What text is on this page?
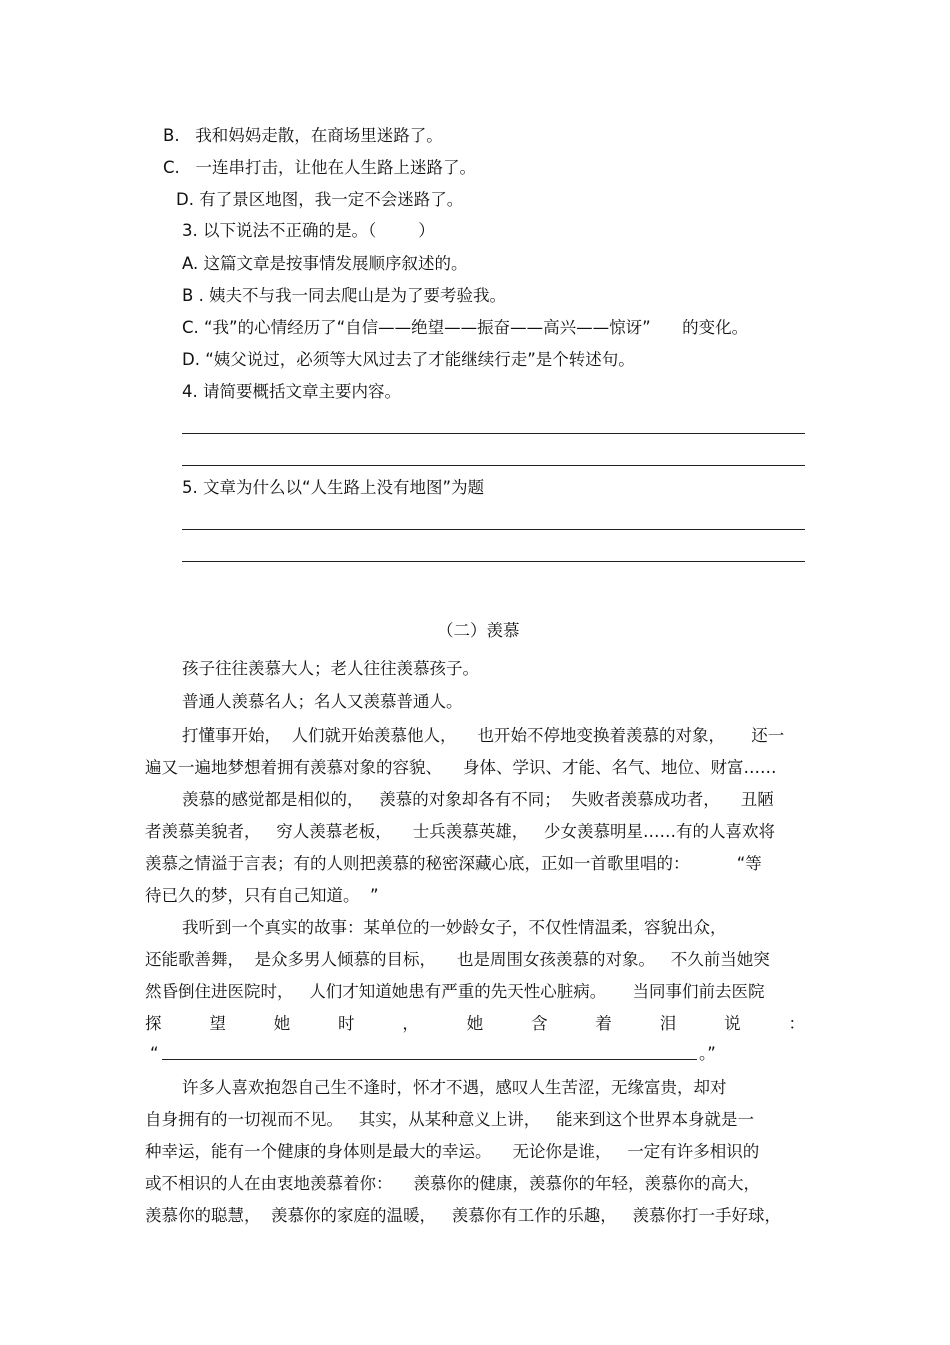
B.   我和妈妈走散，在商场里迷路了。
C.   一连串打击，让他在人生路上迷路了。
D. 有了景区地图，我一定不会迷路了。
3. 以下说法不正确的是。（        ）
A. 这篇文章是按事情发展顺序叙述的。
B . 姨夫不与我一同去爬山是为了要考验我。
C. “我”的心情经历了“自信——绝望——振奋——高兴——惊讶”      的变化。
D. “姨父说过，必须等大风过去了才能继续行走”是个转述句。
4. 请简要概括文章主要内容。
5. 文章为什么以“人生路上没有地图”为题
（二）羡慕
孩子往往羡慕大人；老人往往羡慕孩子。
普通人羡慕名人；名人又羡慕普通人。
打懂事开始，  人们就开始羡慕他人，    也开始不停地变换着羡慕的对象，     还一
遍又一遍地梦想着拥有羡慕对象的容貌、    身体、学识、才能、名气、地位、财富……
羡慕的感觉都是相似的，   羡慕的对象却各有不同；  失败者羡慕成功者，    丑陋
者羡慕美貌者，   穷人羡慕老板，    士兵羡慕英雄，   少女羡慕明星……有的人喜欢将
羡慕之情溢于言表；有的人则把羡慕的秘密深藏心底，正如一首歌里唱的：         “等
待已久的梦，只有自己知道。  ”
我听到一个真实的故事：某单位的一妙龄女子，不仅性情温柔，容貌出众，
还能歌善舞，  是众多男人倾慕的目标，    也是周围女孩羡慕的对象。   不久前当她突
然昏倒住进医院时，   人们才知道她患有严重的先天性心脏病。     当同事们前去医院
探	望	她	时	，	她	含	着	泪	说	：
“	。”
许多人喜欢抱怨自己生不逢时，怀才不遇，感叹人生苦涩，无缘富贵，却对
自身拥有的一切视而不见。   其实，从某种意义上讲，   能来到这个世界本身就是一
种幸运，能有一个健康的身体则是最大的幸运。    无论你是谁，   一定有许多相识的
或不相识的人在由衷地羡慕着你：    羡慕你的健康，羡慕你的年轻，羡慕你的高大，
羡慕你的聪慧，  羡慕你的家庭的温暖，   羡慕你有工作的乐趣，   羡慕你打一手好球，
